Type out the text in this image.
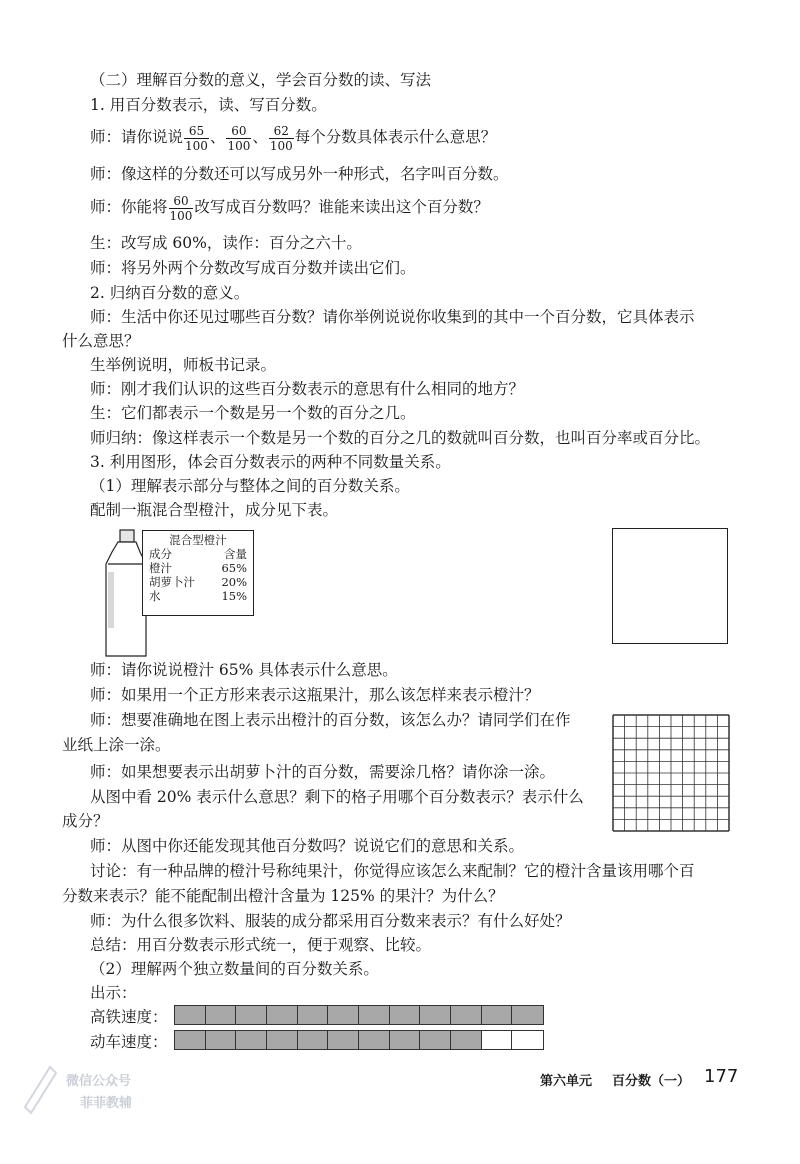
（二）理解百分数的意义，学会百分数的读、写法
1. 用百分数表示，读、写百分数。
师：请你说说 $\frac{65}{100}$ 、 $\frac{60}{100}$ 、 $\frac{62}{100}$ 每个分数具体表示什么意思？
师：像这样的分数还可以写成另外一种形式，名字叫百分数。
师：你能将 $\frac{60}{100}$ 改写成百分数吗？谁能来读出这个百分数？
生：改写成 60%，读作：百分之六十。
师：将另外两个分数改写成百分数并读出它们。
2. 归纳百分数的意义。
师：生活中你还见过哪些百分数？请你举例说说你收集到的其中一个百分数，它具体表示
什么意思？
生举例说明，师板书记录。
师：刚才我们认识的这些百分数表示的意思有什么相同的地方？
生：它们都表示一个数是另一个数的百分之几。
师归纳：像这样表示一个数是另一个数的百分之几的数就叫百分数，也叫百分率或百分比。
3. 利用图形，体会百分数表示的两种不同数量关系。
（1）理解表示部分与整体之间的百分数关系。
配制一瓶混合型橙汁，成分见下表。
混合型橙汁
成分	含量
橙汁	65%
胡萝卜汁 20%
水	15%
师：请你说说橙汁 65% 具体表示什么意思。
师：如果用一个正方形来表示这瓶果汁，那么该怎样来表示橙汁？
师：想要准确地在图上表示出橙汁的百分数，该怎么办？请同学们在作
业纸上涂一涂。
师：如果想要表示出胡萝卜汁的百分数，需要涂几格？请你涂一涂。
从图中看 20% 表示什么意思？剩下的格子用哪个百分数表示？表示什么
成分？
师：从图中你还能发现其他百分数吗？说说它们的意思和关系。
讨论：有一种品牌的橙汁号称纯果汁，你觉得应该怎么来配制？它的橙汁含量该用哪个百
分数来表示？能不能配制出橙汁含量为 125% 的果汁？为什么？
师：为什么很多饮料、服装的成分都采用百分数来表示？有什么好处？
总结：用百分数表示形式统一，便于观察、比较。
（2）理解两个独立数量间的百分数关系。
出示：
高铁速度：
动车速度：
微信公众号
菲菲教辅
第六单元 百分数（一） 177
